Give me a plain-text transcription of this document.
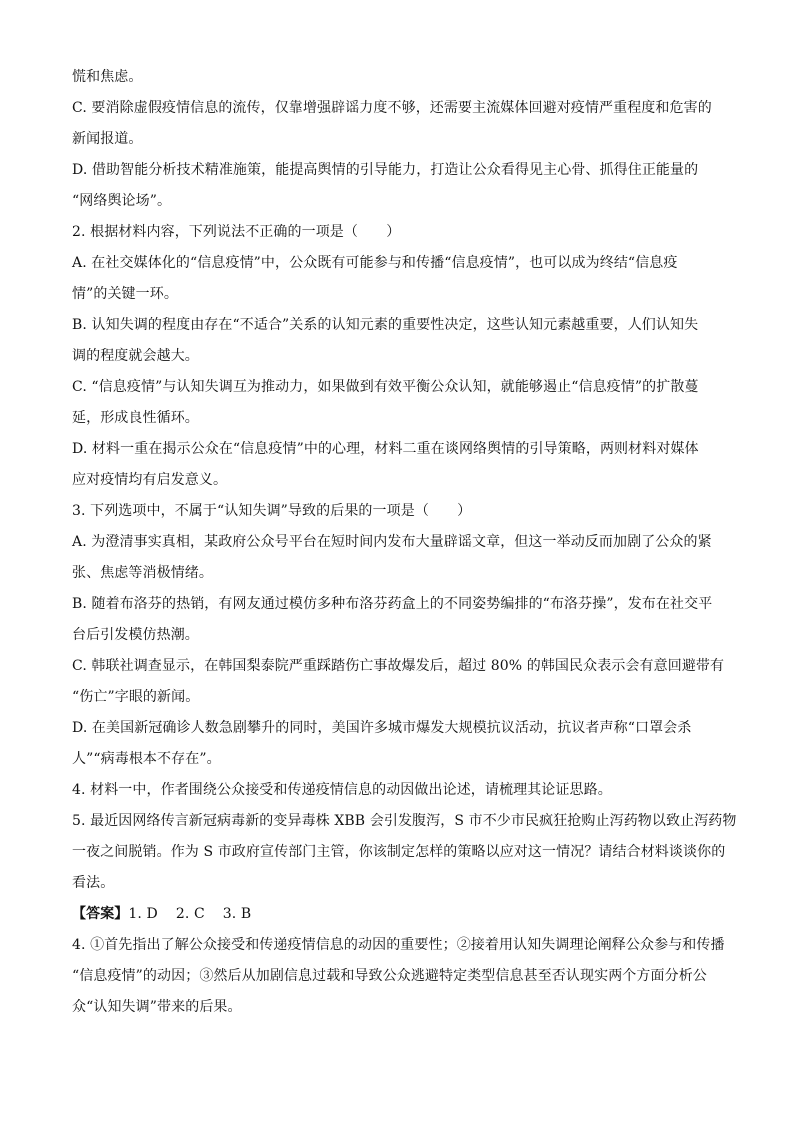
慌和焦虑。
C. 要消除虚假疫情信息的流传，仅靠增强辟谣力度不够，还需要主流媒体回避对疫情严重程度和危害的
新闻报道。
D. 借助智能分析技术精准施策，能提高舆情的引导能力，打造让公众看得见主心骨、抓得住正能量的
“网络舆论场”。
2. 根据材料内容，下列说法不正确的一项是（　　）
A. 在社交媒体化的“信息疫情”中，公众既有可能参与和传播“信息疫情”，也可以成为终结“信息疫
情”的关键一环。
B. 认知失调的程度由存在“不适合”关系的认知元素的重要性决定，这些认知元素越重要，人们认知失
调的程度就会越大。
C. “信息疫情”与认知失调互为推动力，如果做到有效平衡公众认知，就能够遏止“信息疫情”的扩散蔓
延，形成良性循环。
D. 材料一重在揭示公众在“信息疫情”中的心理，材料二重在谈网络舆情的引导策略，两则材料对媒体
应对疫情均有启发意义。
3. 下列选项中，不属于“认知失调”导致的后果的一项是（　　）
A. 为澄清事实真相，某政府公众号平台在短时间内发布大量辟谣文章，但这一举动反而加剧了公众的紧
张、焦虑等消极情绪。
B. 随着布洛芬的热销，有网友通过模仿多种布洛芬药盒上的不同姿势编排的“布洛芬操”，发布在社交平
台后引发模仿热潮。
C. 韩联社调查显示，在韩国梨泰院严重踩踏伤亡事故爆发后，超过 80% 的韩国民众表示会有意回避带有
“伤亡”字眼的新闻。
D. 在美国新冠确诊人数急剧攀升的同时，美国许多城市爆发大规模抗议活动，抗议者声称“口罩会杀
人”“病毒根本不存在”。
4. 材料一中，作者围绕公众接受和传递疫情信息的动因做出论述，请梳理其论证思路。
5. 最近因网络传言新冠病毒新的变异毒株 XBB 会引发腹泻，S 市不少市民疯狂抢购止泻药物以致止泻药物
一夜之间脱销。作为 S 市政府宣传部门主管，你该制定怎样的策略以应对这一情况？请结合材料谈谈你的
看法。
【答案】1. D 2. C 3. B
4. ①首先指出了解公众接受和传递疫情信息的动因的重要性；②接着用认知失调理论阐释公众参与和传播
“信息疫情”的动因；③然后从加剧信息过载和导致公众逃避特定类型信息甚至否认现实两个方面分析公
众“认知失调”带来的后果。
